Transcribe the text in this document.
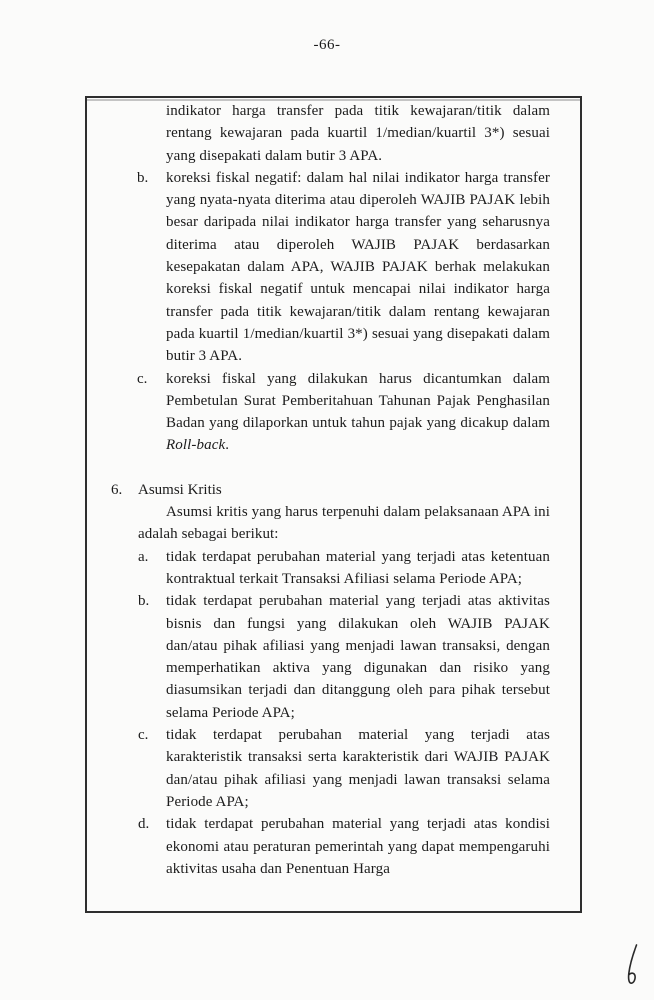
-66-
indikator harga transfer pada titik kewajaran/titik dalam rentang kewajaran pada kuartil 1/median/kuartil 3*) sesuai yang disepakati dalam butir 3 APA.
b.	koreksi fiskal negatif: dalam hal nilai indikator harga transfer yang nyata-nyata diterima atau diperoleh WAJIB PAJAK lebih besar daripada nilai indikator harga transfer yang seharusnya diterima atau diperoleh WAJIB PAJAK berdasarkan kesepakatan dalam APA, WAJIB PAJAK berhak melakukan koreksi fiskal negatif untuk mencapai nilai indikator harga transfer pada titik kewajaran/titik dalam rentang kewajaran pada kuartil 1/median/kuartil 3*) sesuai yang disepakati dalam butir 3 APA.
c.	koreksi fiskal yang dilakukan harus dicantumkan dalam Pembetulan Surat Pemberitahuan Tahunan Pajak Penghasilan Badan yang dilaporkan untuk tahun pajak yang dicakup dalam Roll-back.
6.	Asumsi Kritis
Asumsi kritis yang harus terpenuhi dalam pelaksanaan APA ini adalah sebagai berikut:
a.	tidak terdapat perubahan material yang terjadi atas ketentuan kontraktual terkait Transaksi Afiliasi selama Periode APA;
b.	tidak terdapat perubahan material yang terjadi atas aktivitas bisnis dan fungsi yang dilakukan oleh WAJIB PAJAK dan/atau pihak afiliasi yang menjadi lawan transaksi, dengan memperhatikan aktiva yang digunakan dan risiko yang diasumsikan terjadi dan ditanggung oleh para pihak tersebut selama Periode APA;
c.	tidak terdapat perubahan material yang terjadi atas karakteristik transaksi serta karakteristik dari WAJIB PAJAK dan/atau pihak afiliasi yang menjadi lawan transaksi selama Periode APA;
d.	tidak terdapat perubahan material yang terjadi atas kondisi ekonomi atau peraturan pemerintah yang dapat mempengaruhi aktivitas usaha dan Penentuan Harga
